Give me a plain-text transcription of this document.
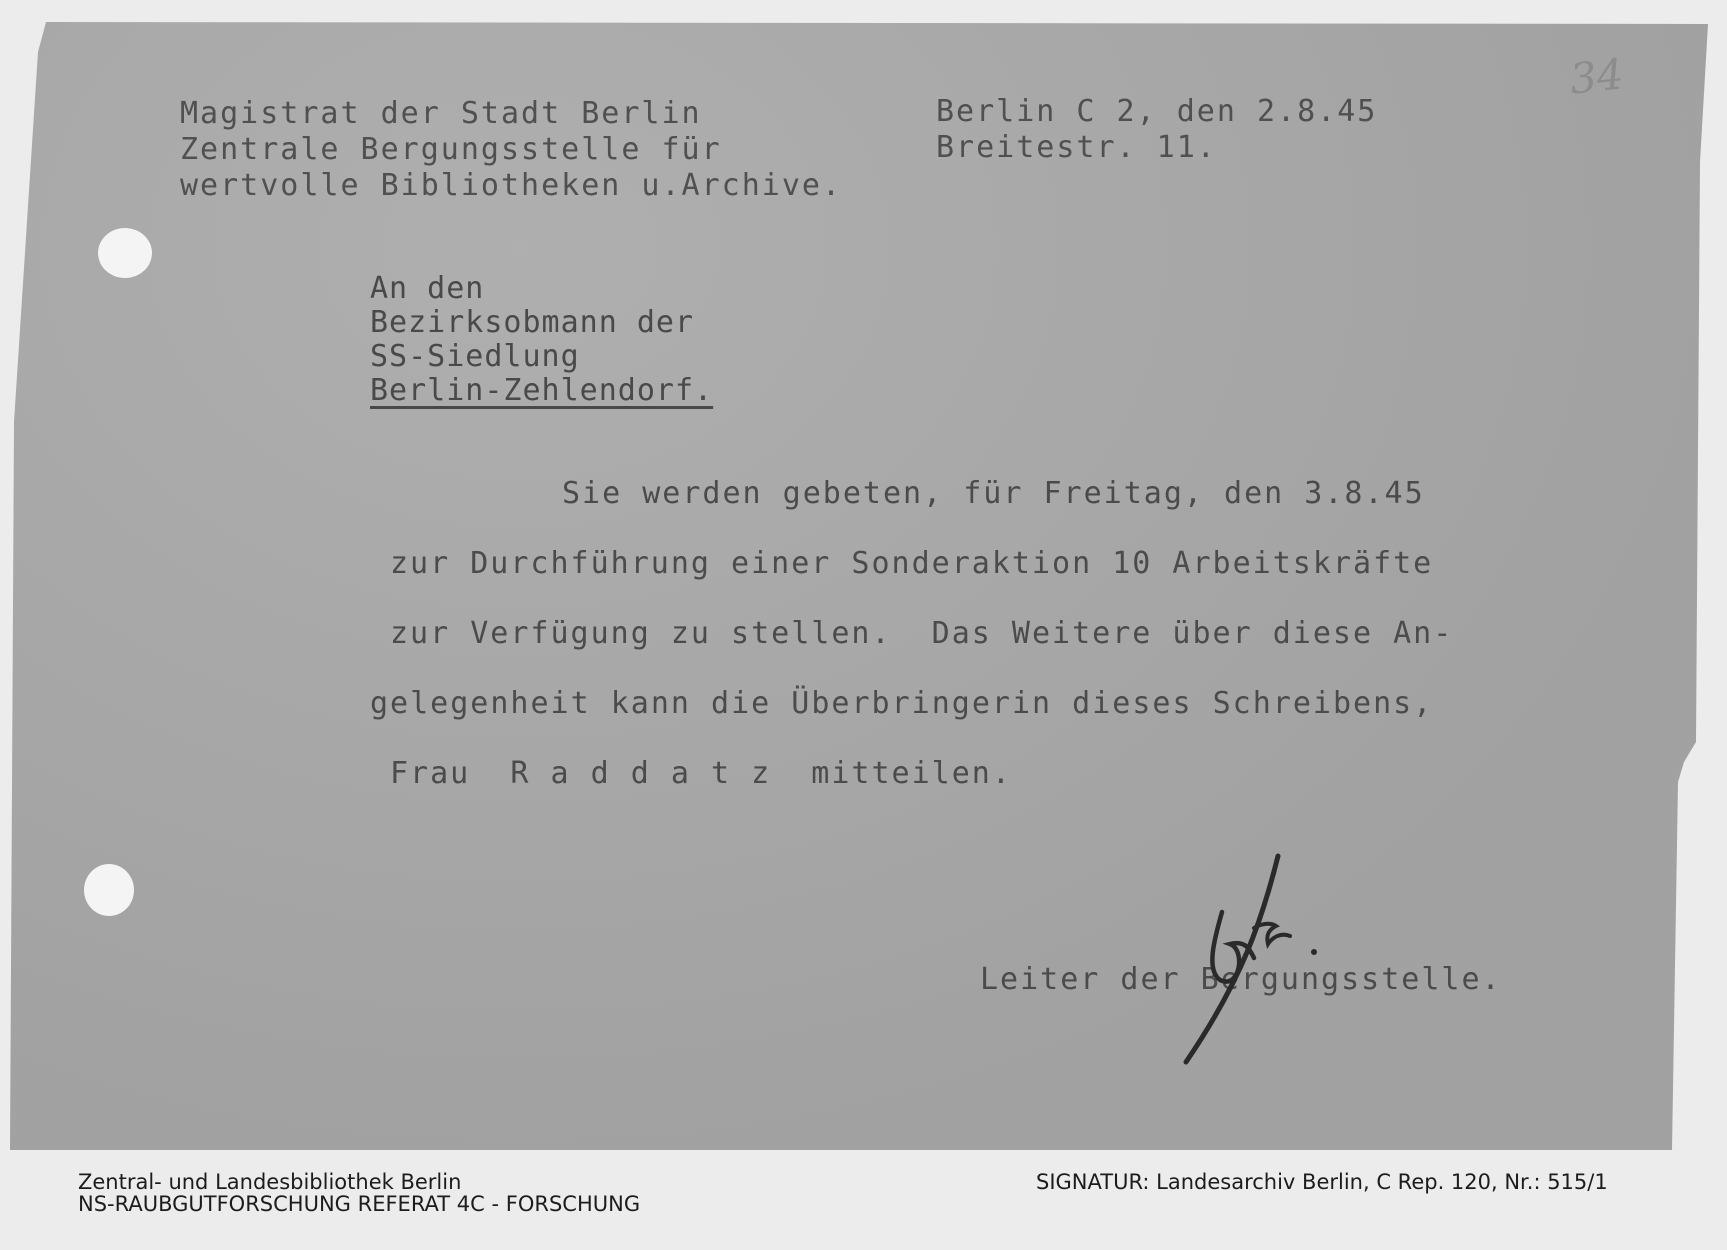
34
Magistrat der Stadt Berlin
Zentrale Bergungsstelle für
wertvolle Bibliotheken u.Archive.
Berlin C 2, den 2.8.45
Breitestr. 11.
An den
Bezirksobmann der
SS-Siedlung
Berlin-Zehlendorf.
Sie werden gebeten, für Freitag, den 3.8.45
zur Durchführung einer Sonderaktion 10 Arbeitskräfte
zur Verfügung zu stellen.  Das Weitere über diese An-
gelegenheit kann die Überbringerin dieses Schreibens,
Frau  R a d d a t z  mitteilen.
Leiter der Bergungsstelle.
Zentral- und Landesbibliothek Berlin
NS-RAUBGUTFORSCHUNG REFERAT 4C - FORSCHUNG
SIGNATUR: Landesarchiv Berlin, C Rep. 120, Nr.: 515/1
